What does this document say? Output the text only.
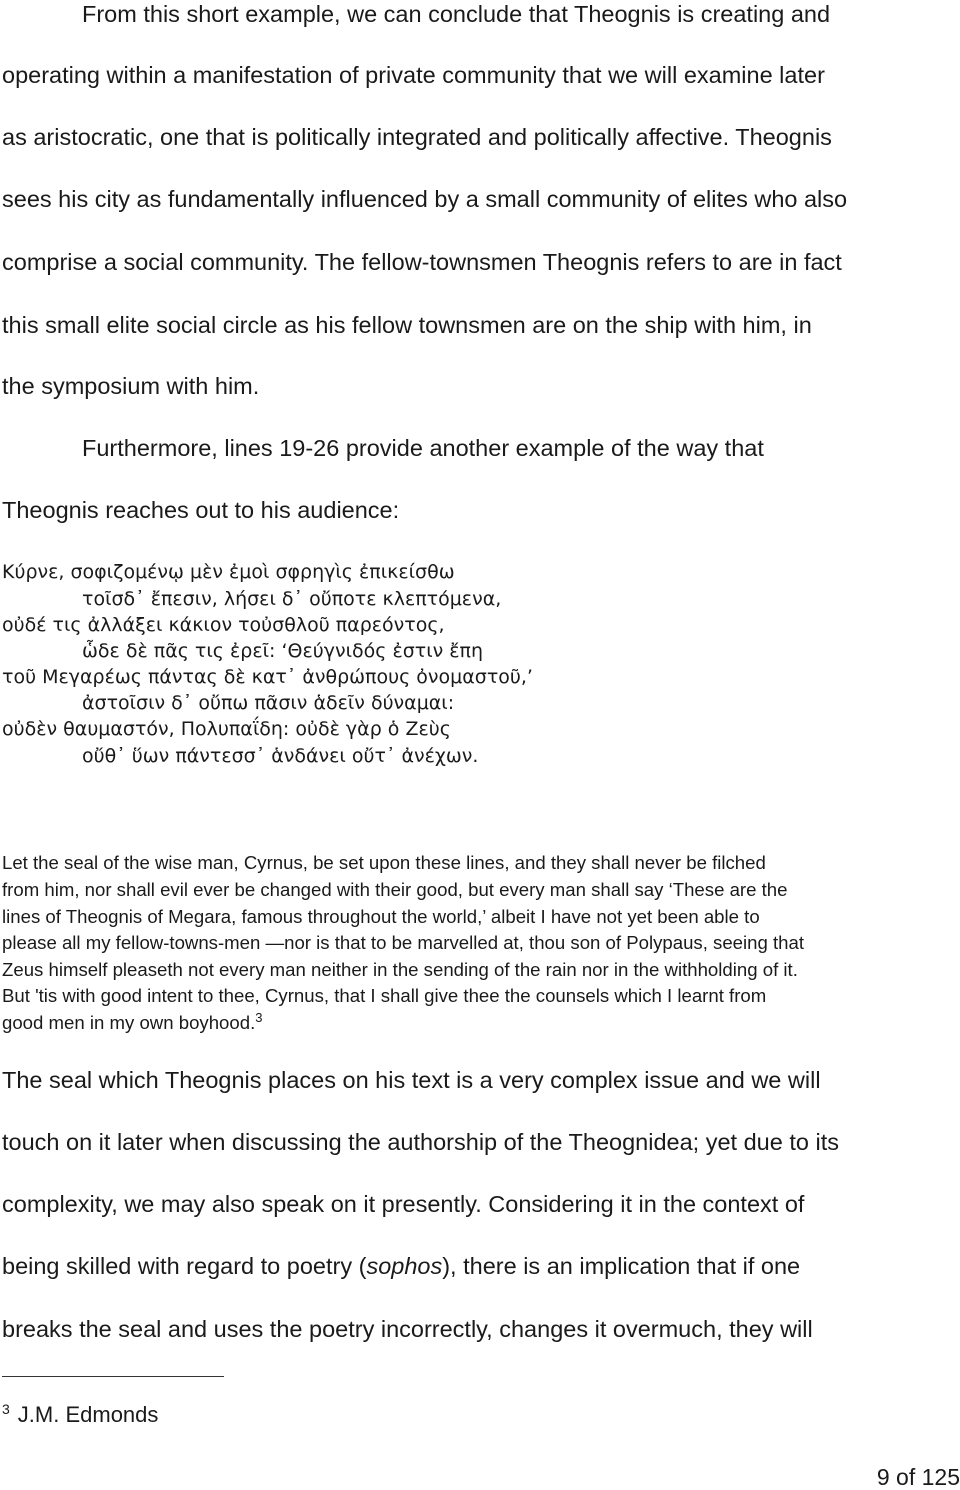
From this short example, we can conclude that Theognis is creating and
operating within a manifestation of private community that we will examine later
as aristocratic, one that is politically integrated and politically affective. Theognis
sees his city as fundamentally influenced by a small community of elites who also
comprise a social community. The fellow-townsmen Theognis refers to are in fact
this small elite social circle as his fellow townsmen are on the ship with him, in
the symposium with him.
Furthermore, lines 19-26 provide another example of the way that
Theognis reaches out to his audience:
Κύρνε, σοφιζομένῳ μὲν ἐμοὶ σφρηγὶς ἐπικείσθω
τοῖσδ᾽ ἔπεσιν, λήσει δ᾽ οὔποτε κλεπτόμενα,
οὐδέ τις ἀλλάξει κάκιον τοὐσθλοῦ παρεόντος,
ὧδε δὲ πᾶς τις ἐρεῖ: ‘Θεύγνιδός ἐστιν ἔπη
τοῦ Μεγαρέως πάντας δὲ κατ᾽ ἀνθρώπους ὀνομαστοῦ,’
ἀστοῖσιν δ᾽ οὔπω πᾶσιν ἁδεῖν δύναμαι:
οὐδὲν θαυμαστόν, Πολυπαΐδη: οὐδὲ γὰρ ὁ Ζεὺς
οὔθ᾽ ὕων πάντεσσ᾽ ἁνδάνει οὔτ᾽ ἀνέχων.
Let the seal of the wise man, Cyrnus, be set upon these lines, and they shall never be filched
from him, nor shall evil ever be changed with their good, but every man shall say ‘These are the
lines of Theognis of Megara, famous throughout the world,’ albeit I have not yet been able to
please all my fellow-towns-men —nor is that to be marvelled at, thou son of Polypaus, seeing that
Zeus himself pleaseth not every man neither in the sending of the rain nor in the withholding of it.
But 'tis with good intent to thee, Cyrnus, that I shall give thee the counsels which I learnt from
good men in my own boyhood.$^3$
The seal which Theognis places on his text is a very complex issue and we will
touch on it later when discussing the authorship of the Theognidea; yet due to its
complexity, we may also speak on it presently. Considering it in the context of
being skilled with regard to poetry (sophos), there is an implication that if one
breaks the seal and uses the poetry incorrectly, changes it overmuch, they will
$^3$ J.M. Edmonds
9 of 125
